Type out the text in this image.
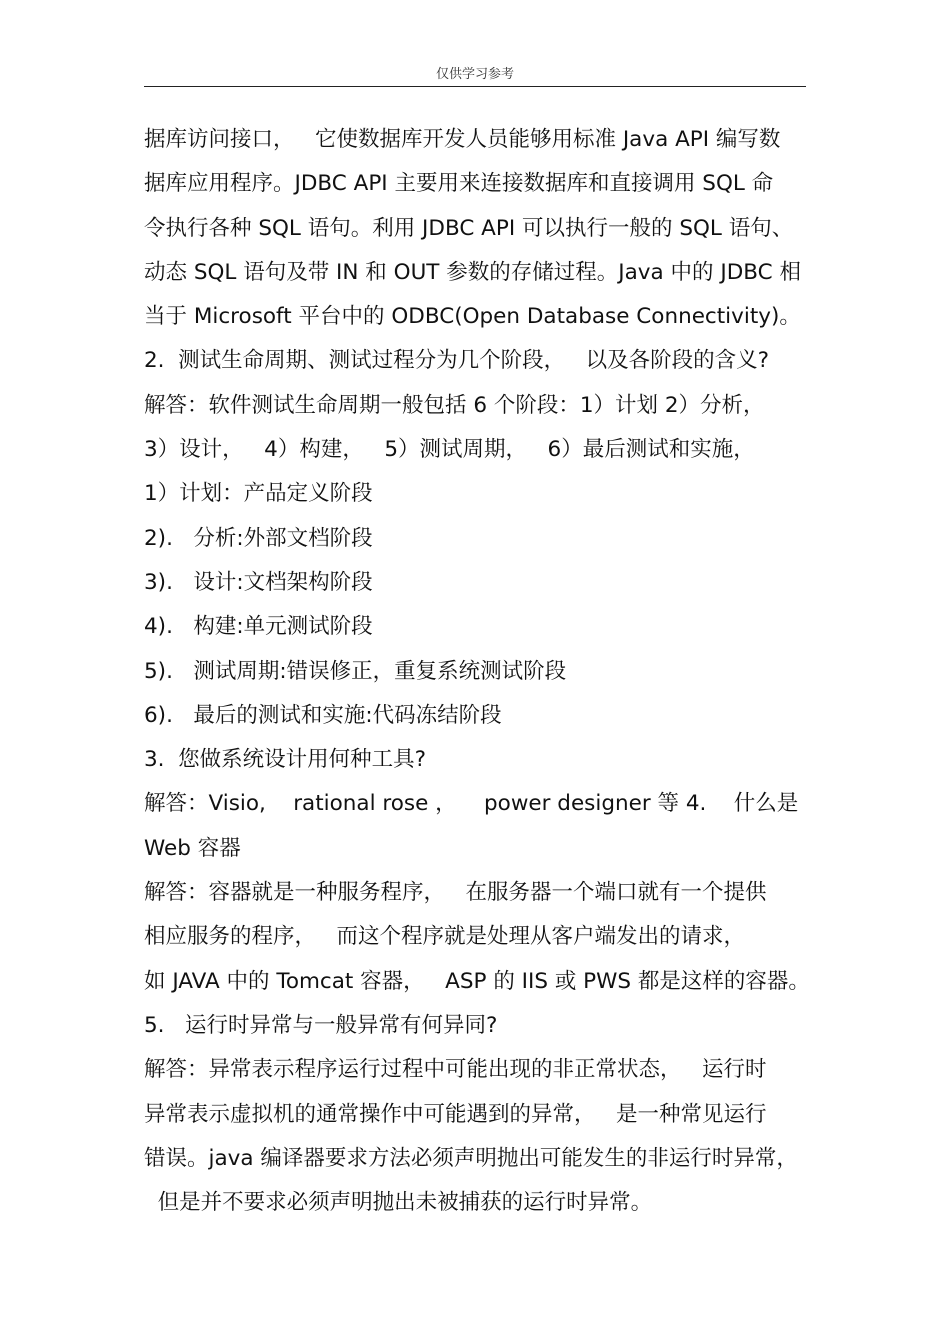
仅供学习参考
据库访问接口，   它使数据库开发人员能够用标准 Java API 编写数
据库应用程序。JDBC API 主要用来连接数据库和直接调用 SQL 命
令执行各种 SQL 语句。利用 JDBC API 可以执行一般的 SQL 语句、
动态 SQL 语句及带 IN 和 OUT 参数的存储过程。Java 中的 JDBC 相
当于 Microsoft 平台中的 ODBC(Open Database Connectivity)。
2.  测试生命周期、测试过程分为几个阶段，   以及各阶段的含义?
解答：软件测试生命周期一般包括 6 个阶段：1）计划 2）分析，
3）设计，   4）构建，   5）测试周期，   6）最后测试和实施，
1）计划：产品定义阶段
2).   分析:外部文档阶段
3).   设计:文档架构阶段
4).   构建:单元测试阶段
5).   测试周期:错误修正，重复系统测试阶段
6).   最后的测试和实施:代码冻结阶段
3.  您做系统设计用何种工具?
解答：Visio,    rational rose ，    power designer 等 4.    什么是
Web 容器
解答：容器就是一种服务程序，   在服务器一个端口就有一个提供
相应服务的程序，   而这个程序就是处理从客户端发出的请求，
如 JAVA 中的 Tomcat 容器，   ASP 的 IIS 或 PWS 都是这样的容器。
5.   运行时异常与一般异常有何异同?
解答：异常表示程序运行过程中可能出现的非正常状态，   运行时
异常表示虚拟机的通常操作中可能遇到的异常，   是一种常见运行
错误。java 编译器要求方法必须声明抛出可能发生的非运行时异常，
但是并不要求必须声明抛出未被捕获的运行时异常。
